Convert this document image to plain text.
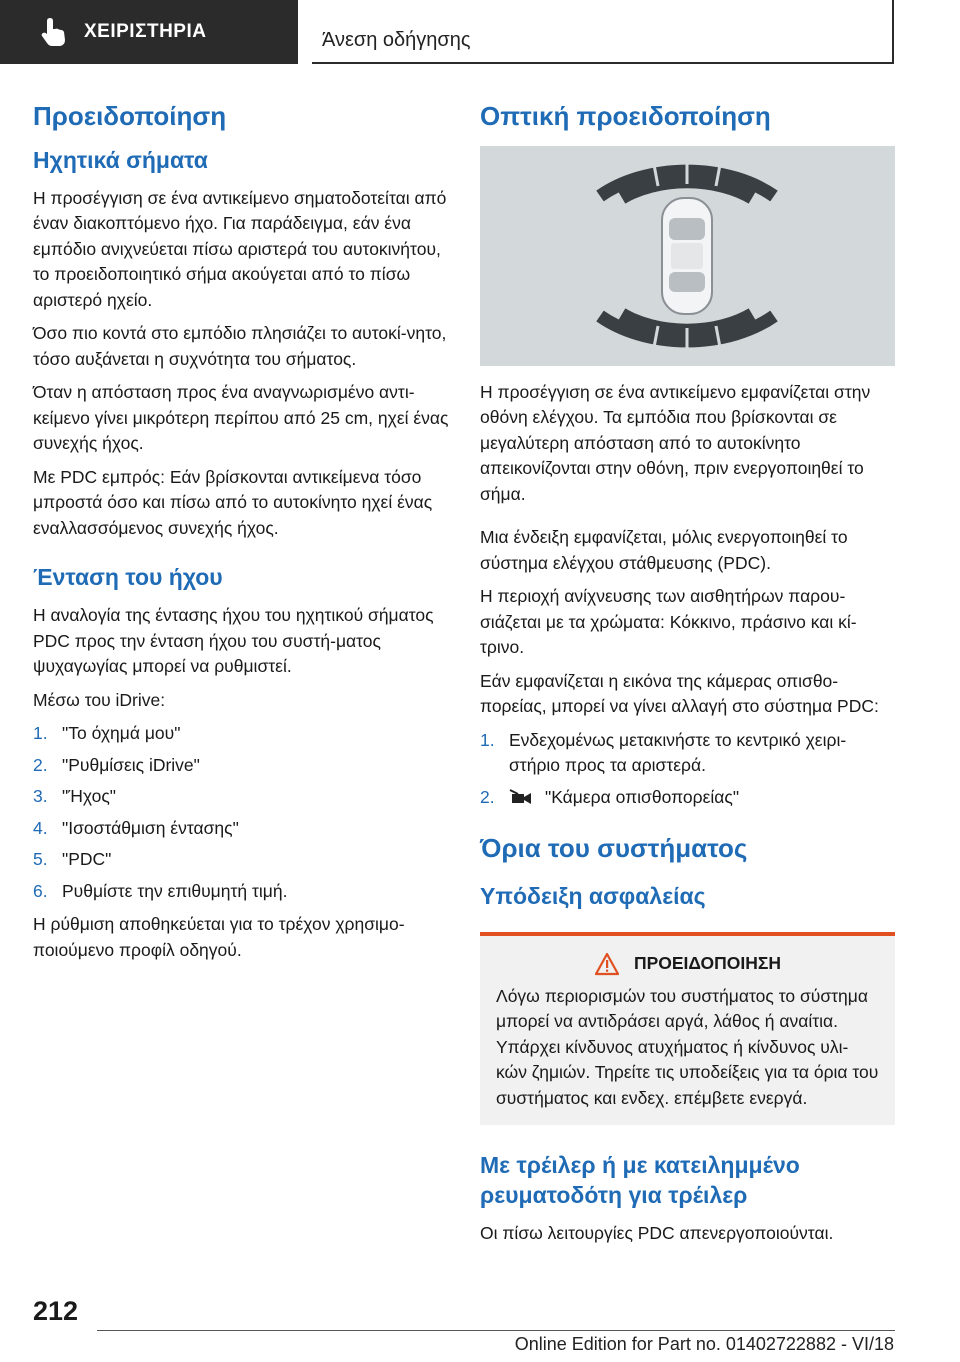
ΧΕΙΡΙΣΤΗΡΙΑ	Άνεση οδήγησης
Προειδοποίηση
Ηχητικά σήματα

Η προσέγγιση σε ένα αντικείμενο σηματοδοτείται από έναν διακοπτόμενο ήχο. Για παράδειγμα, εάν ένα εμπόδιο ανιχνεύεται πίσω αριστερά του αυτοκινήτου, το προειδοποιητικό σήμα ακούγεται από το πίσω αριστερό ηχείο.

Όσο πιο κοντά στο εμπόδιο πλησιάζει το αυτοκί-νητο, τόσο αυξάνεται η συχνότητα του σήματος.

Όταν η απόσταση προς ένα αναγνωρισμένο αντι-κείμενο γίνει μικρότερη περίπου από 25 cm, ηχεί ένας συνεχής ήχος.

Με PDC εμπρός: Εάν βρίσκονται αντικείμενα τόσο μπροστά όσο και πίσω από το αυτοκίνητο ηχεί ένας εναλλασσόμενος συνεχής ήχος.

Ένταση του ήχου

Η αναλογία της έντασης ήχου του ηχητικού σήματος PDC προς την ένταση ήχου του συστή-ματος ψυχαγωγίας μπορεί να ρυθμιστεί.

Μέσω του iDrive:

1. "Το όχημά μου"
2. "Ρυθμίσεις iDrive"
3. "Ήχος"
4. "Ισοστάθμιση έντασης"
5. "PDC"
6. Ρυθμίστε την επιθυμητή τιμή.

Η ρύθμιση αποθηκεύεται για το τρέχον χρησιμο-ποιούμενο προφίλ οδηγού.

Οπτική προειδοποίηση

Η προσέγγιση σε ένα αντικείμενο εμφανίζεται στην οθόνη ελέγχου. Τα εμπόδια που βρίσκονται σε μεγαλύτερη απόσταση από το αυτοκίνητο απεικονίζονται στην οθόνη, πριν ενεργοποιηθεί το σήμα.

Μια ένδειξη εμφανίζεται, μόλις ενεργοποιηθεί το σύστημα ελέγχου στάθμευσης (PDC).

Η περιοχή ανίχνευσης των αισθητήρων παρου-σιάζεται με τα χρώματα: Κόκκινο, πράσινο και κί-τρινο.

Εάν εμφανίζεται η εικόνα της κάμερας οπισθο-πορείας, μπορεί να γίνει αλλαγή στο σύστημα PDC:

1. Ενδεχομένως μετακινήστε το κεντρικό χειρι-στήριο προς τα αριστερά.
2.	"Κάμερα οπισθοπορείας"
Όρια του συστήματος
Υπόδειξη ασφαλείας
ΠΡΟΕΙΔΟΠΟΙΗΣΗ

Λόγω περιορισμών του συστήματος το σύστημα μπορεί να αντιδράσει αργά, λάθος ή αναίτια. Υπάρχει κίνδυνος ατυχήματος ή κίνδυνος υλι-κών ζημιών. Τηρείτε τις υποδείξεις για τα όρια του συστήματος και ενδεχ. επέμβετε ενεργά.

Με τρέιλερ ή με κατειλημμένο ρευματοδότη για τρέιλερ

Οι πίσω λειτουργίες PDC απενεργοποιούνται.

212
Online Edition for Part no. 01402722882 - VI/18
